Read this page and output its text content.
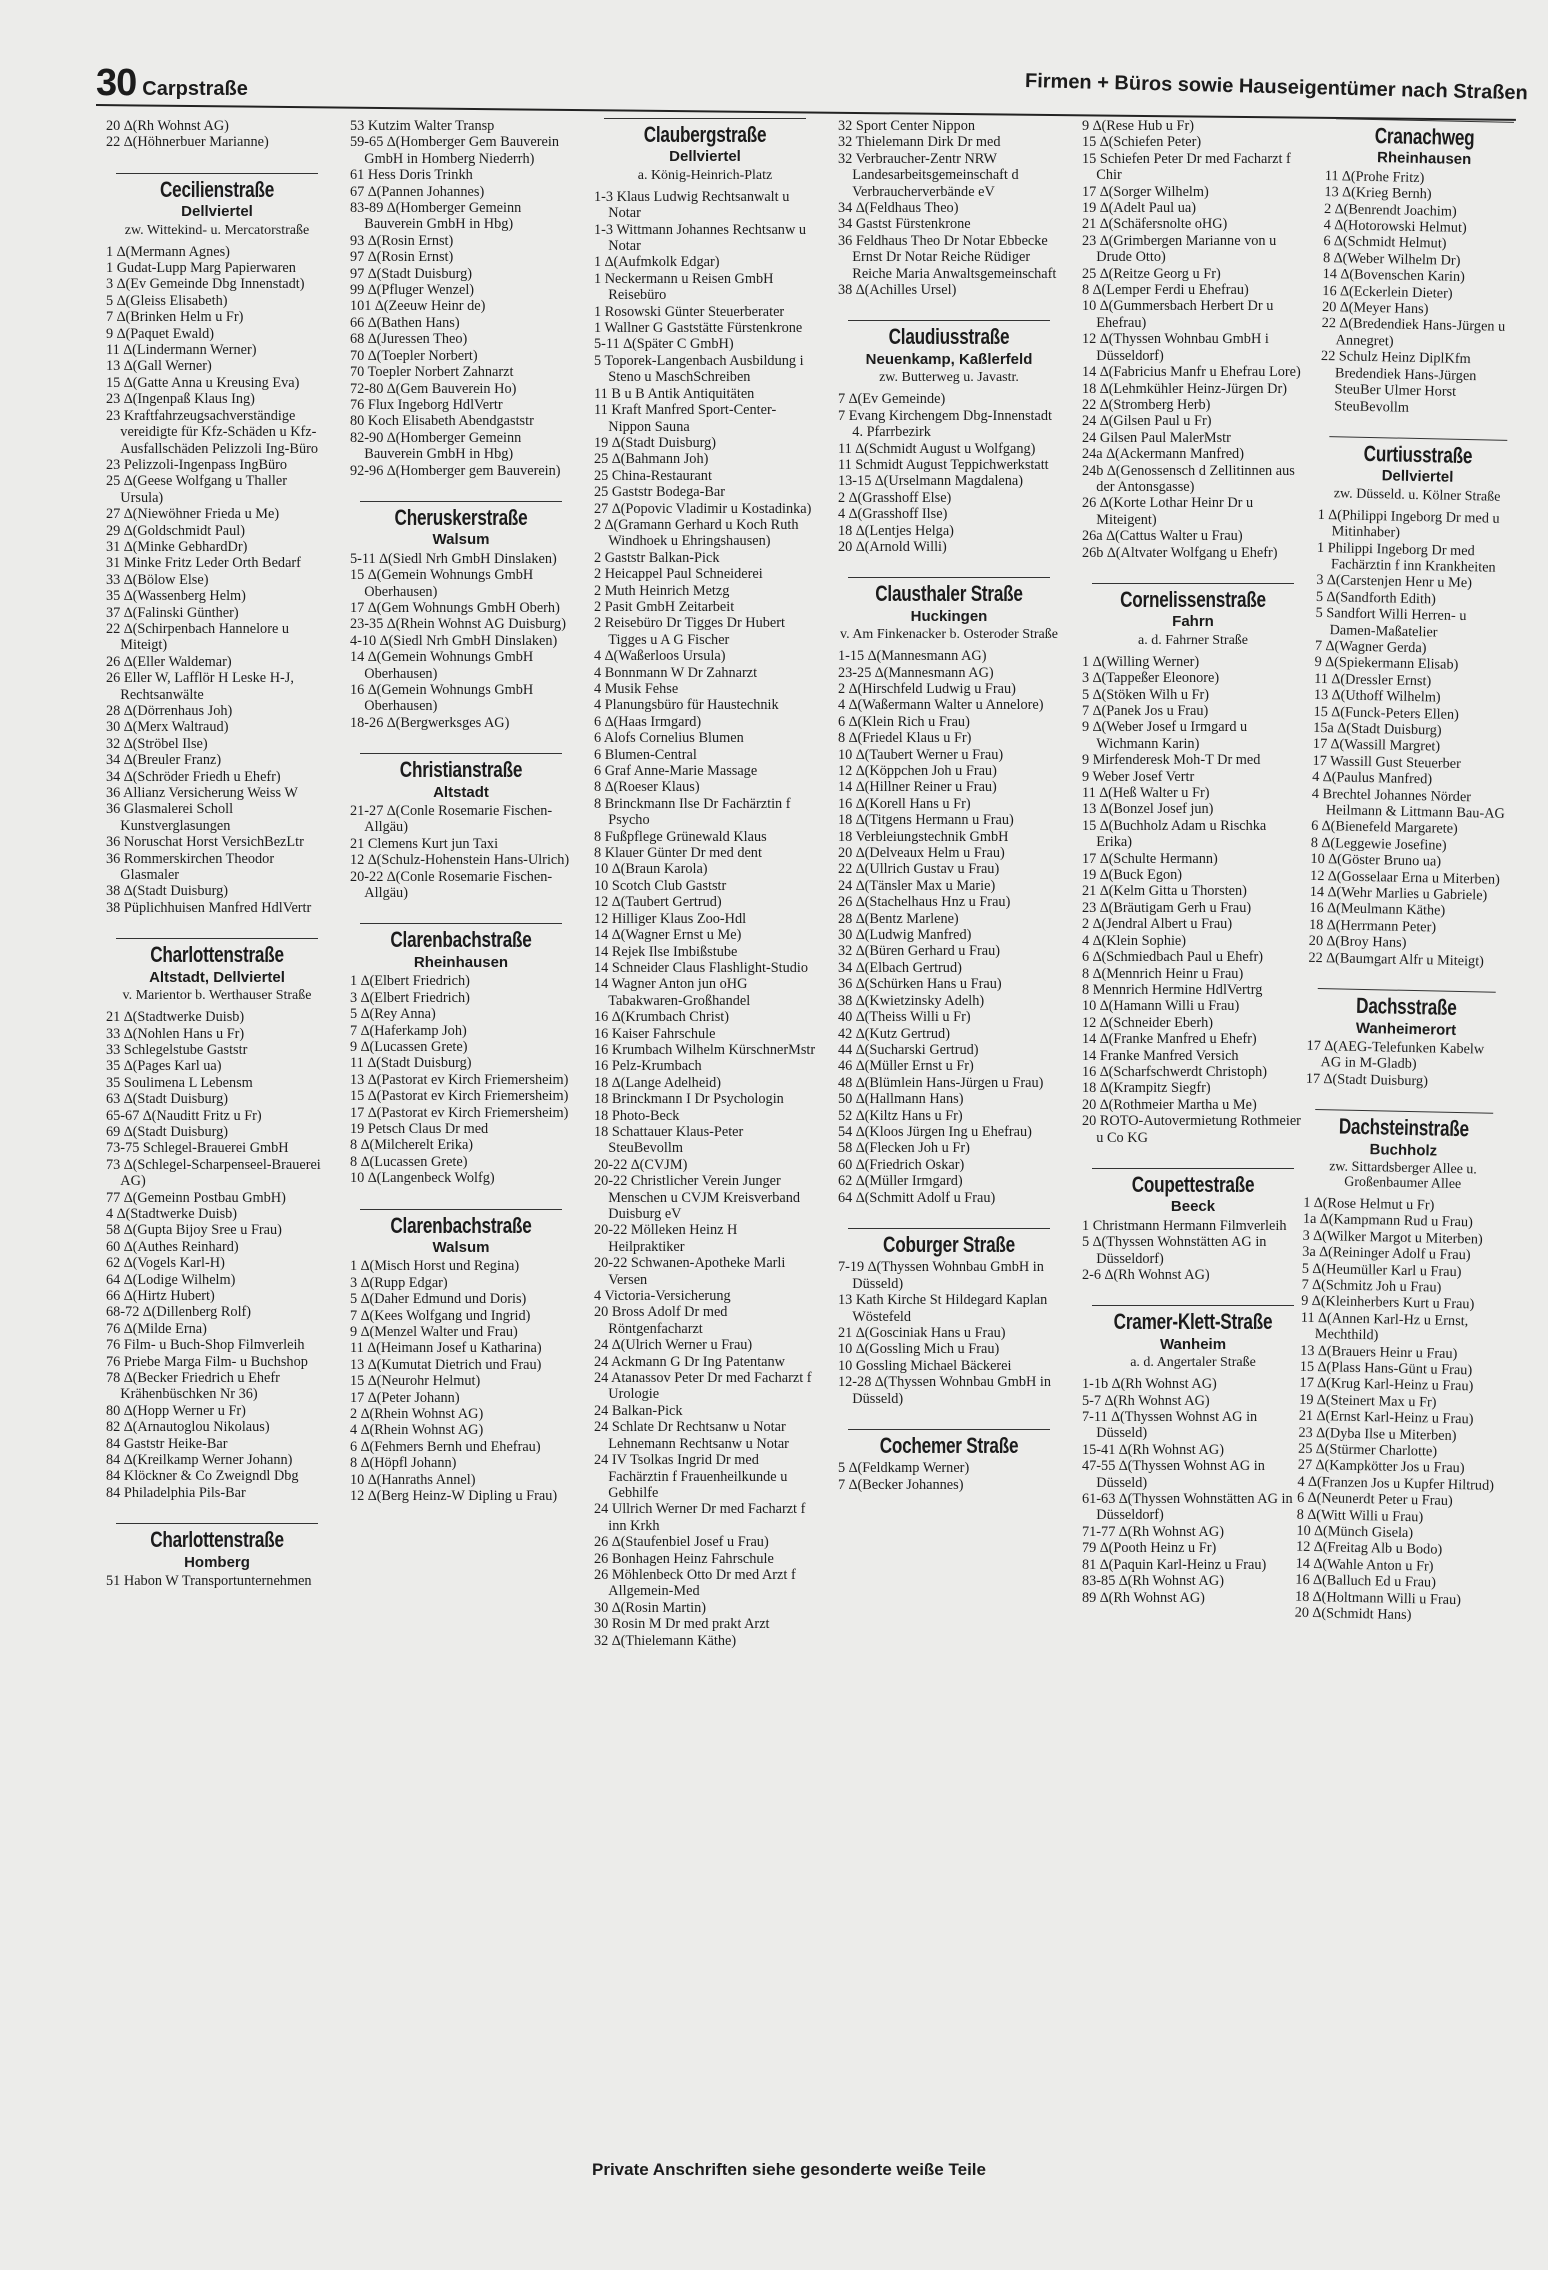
30 Carpstraße	Firmen + Büros sowie Hauseigentümer nach Straßen

20 ∆(Rh Wohnst AG)

22 ∆(Höhnerbuer Marianne)

Cecilienstraße
Dellviertel
zw. Wittekind- u. Mercatorstraße

1 ∆(Mermann Agnes)

1 Gudat-Lupp Marg Papierwaren

3 ∆(Ev Gemeinde Dbg Innenstadt)

5 ∆(Gleiss Elisabeth)

7 ∆(Brinken Helm u Fr)

9 ∆(Paquet Ewald)

11 ∆(Lindermann Werner)

13 ∆(Gall Werner)

15 ∆(Gatte Anna u Kreusing Eva)

23 ∆(Ingenpaß Klaus Ing)

23 Kraftfahrzeugsachverständige vereidigte für Kfz-Schäden u Kfz-Ausfallschäden Pelizzoli Ing-Büro

23 Pelizzoli-Ingenpass IngBüro

25 ∆(Geese Wolfgang u Thaller Ursula)

27 ∆(Niewöhner Frieda u Me)

29 ∆(Goldschmidt Paul)

31 ∆(Minke GebhardDr)

31 Minke Fritz Leder Orth Bedarf

33 ∆(Bölow Else)

35 ∆(Wassenberg Helm)

37 ∆(Falinski Günther)

22 ∆(Schirpenbach Hannelore u Miteigt)

26 ∆(Eller Waldemar)

26 Eller W, Lafflör H Leske H-J, Rechtsanwälte

28 ∆(Dörrenhaus Joh)

30 ∆(Merx Waltraud)

32 ∆(Ströbel Ilse)

34 ∆(Breuler Franz)

34 ∆(Schröder Friedh u Ehefr)

36 Allianz Versicherung Weiss W

36 Glasmalerei Scholl Kunstverglasungen

36 Noruschat Horst VersichBezLtr

36 Rommerskirchen Theodor Glasmaler

38 ∆(Stadt Duisburg)

38 Püplichhuisen Manfred HdlVertr

Charlottenstraße
Altstadt, Dellviertel
v. Marientor b. Werthauser Straße

21 ∆(Stadtwerke Duisb)

33 ∆(Nohlen Hans u Fr)

33 Schlegelstube Gaststr

35 ∆(Pages Karl ua)

35 Soulimena L Lebensm

63 ∆(Stadt Duisburg)

65-67 ∆(Nauditt Fritz u Fr)

69 ∆(Stadt Duisburg)

73-75 Schlegel-Brauerei GmbH

73 ∆(Schlegel-Scharpenseel-Brauerei AG)

77 ∆(Gemeinn Postbau GmbH)

4 ∆(Stadtwerke Duisb)

58 ∆(Gupta Bijoy Sree u Frau)

60 ∆(Authes Reinhard)

62 ∆(Vogels Karl-H)

64 ∆(Lodige Wilhelm)

66 ∆(Hirtz Hubert)

68-72 ∆(Dillenberg Rolf)

76 ∆(Milde Erna)

76 Film- u Buch-Shop Filmverleih

76 Priebe Marga Film- u Buchshop

78 ∆(Becker Friedrich u Ehefr Krähenbüschken Nr 36)

80 ∆(Hopp Werner u Fr)

82 ∆(Arnautoglou Nikolaus)

84 Gaststr Heike-Bar

84 ∆(Kreilkamp Werner Johann)

84 Klöckner & Co Zweigndl Dbg

84 Philadelphia Pils-Bar

Charlottenstraße
Homberg

51 Habon W Transportunternehmen

53 Kutzim Walter Transp

59-65 ∆(Homberger Gem Bauverein GmbH in Homberg Niederrh)

61 Hess Doris Trinkh

67 ∆(Pannen Johannes)

83-89 ∆(Homberger Gemeinn Bauverein GmbH in Hbg)

93 ∆(Rosin Ernst)

97 ∆(Rosin Ernst)

97 ∆(Stadt Duisburg)

99 ∆(Pfluger Wenzel)

101 ∆(Zeeuw Heinr de)

66 ∆(Bathen Hans)

68 ∆(Juressen Theo)

70 ∆(Toepler Norbert)

70 Toepler Norbert Zahnarzt

72-80 ∆(Gem Bauverein Ho)

76 Flux Ingeborg HdlVertr

80 Koch Elisabeth Abendgaststr

82-90 ∆(Homberger Gemeinn Bauverein GmbH in Hbg)

92-96 ∆(Homberger gem Bauverein)

Cheruskerstraße
Walsum

5-11 ∆(Siedl Nrh GmbH Dinslaken)

15 ∆(Gemein Wohnungs GmbH Oberhausen)

17 ∆(Gem Wohnungs GmbH Oberh)

23-35 ∆(Rhein Wohnst AG Duisburg)

4-10 ∆(Siedl Nrh GmbH Dinslaken)

14 ∆(Gemein Wohnungs GmbH Oberhausen)

16 ∆(Gemein Wohnungs GmbH Oberhausen)

18-26 ∆(Bergwerksges AG)

Christianstraße
Altstadt

21-27 ∆(Conle Rosemarie Fischen-Allgäu)

21 Clemens Kurt jun Taxi

12 ∆(Schulz-Hohenstein Hans-Ulrich)

20-22 ∆(Conle Rosemarie Fischen-Allgäu)

Clarenbachstraße
Rheinhausen

1 ∆(Elbert Friedrich)

3 ∆(Elbert Friedrich)

5 ∆(Rey Anna)

7 ∆(Haferkamp Joh)

9 ∆(Lucassen Grete)

11 ∆(Stadt Duisburg)

13 ∆(Pastorat ev Kirch Friemersheim)

15 ∆(Pastorat ev Kirch Friemersheim)

17 ∆(Pastorat ev Kirch Friemersheim)

19 Petsch Claus Dr med

8 ∆(Milcherelt Erika)

8 ∆(Lucassen Grete)

10 ∆(Langenbeck Wolfg)

Clarenbachstraße
Walsum

1 ∆(Misch Horst und Regina)

3 ∆(Rupp Edgar)

5 ∆(Daher Edmund und Doris)

7 ∆(Kees Wolfgang und Ingrid)

9 ∆(Menzel Walter und Frau)

11 ∆(Heimann Josef u Katharina)

13 ∆(Kumutat Dietrich und Frau)

15 ∆(Neurohr Helmut)

17 ∆(Peter Johann)

2 ∆(Rhein Wohnst AG)

4 ∆(Rhein Wohnst AG)

6 ∆(Fehmers Bernh und Ehefrau)

8 ∆(Höpfl Johann)

10 ∆(Hanraths Annel)

12 ∆(Berg Heinz-W Dipling u Frau)

Claubergstraße
Dellviertel
a. König-Heinrich-Platz

1-3 Klaus Ludwig Rechtsanwalt u Notar

1-3 Wittmann Johannes Rechtsanw u Notar

1 ∆(Aufmkolk Edgar)

1 Neckermann u Reisen GmbH Reisebüro

1 Rosowski Günter Steuerberater

1 Wallner G Gaststätte Fürstenkrone

5-11 ∆(Später C GmbH)

5 Toporek-Langenbach Ausbildung i Steno u MaschSchreiben

11 B u B Antik Antiquitäten

11 Kraft Manfred Sport-Center-Nippon Sauna

19 ∆(Stadt Duisburg)

25 ∆(Bahmann Joh)

25 China-Restaurant

25 Gaststr Bodega-Bar

27 ∆(Popovic Vladimir u Kostadinka)

2 ∆(Gramann Gerhard u Koch Ruth Windhoek u Ehringshausen)

2 Gaststr Balkan-Pick

2 Heicappel Paul Schneiderei

2 Muth Heinrich Metzg

2 Pasit GmbH Zeitarbeit

2 Reisebüro Dr Tigges Dr Hubert Tigges u A G Fischer

4 ∆(Waßerloos Ursula)

4 Bonnmann W Dr Zahnarzt

4 Musik Fehse

4 Planungsbüro für Haustechnik

6 ∆(Haas Irmgard)

6 Alofs Cornelius Blumen

6 Blumen-Central

6 Graf Anne-Marie Massage

8 ∆(Roeser Klaus)

8 Brinckmann Ilse Dr Fachärztin f Psycho

8 Fußpflege Grünewald Klaus

8 Klauer Günter Dr med dent

10 ∆(Braun Karola)

10 Scotch Club Gaststr

12 ∆(Taubert Gertrud)

12 Hilliger Klaus Zoo-Hdl

14 ∆(Wagner Ernst u Me)

14 Rejek Ilse Imbißstube

14 Schneider Claus Flashlight-Studio

14 Wagner Anton jun oHG Tabakwaren-Großhandel

16 ∆(Krumbach Christ)

16 Kaiser Fahrschule

16 Krumbach Wilhelm KürschnerMstr

16 Pelz-Krumbach

18 ∆(Lange Adelheid)

18 Brinckmann I Dr Psychologin

18 Photo-Beck

18 Schattauer Klaus-Peter SteuBevollm

20-22 ∆(CVJM)

20-22 Christlicher Verein Junger Menschen u CVJM Kreisverband Duisburg eV

20-22 Mölleken Heinz H Heilpraktiker

20-22 Schwanen-Apotheke Marli Versen

4 Victoria-Versicherung

20 Bross Adolf Dr med Röntgenfacharzt

24 ∆(Ulrich Werner u Frau)

24 Ackmann G Dr Ing Patentanw

24 Atanassov Peter Dr med Facharzt f Urologie

24 Balkan-Pick

24 Schlate Dr Rechtsanw u Notar Lehnemann Rechtsanw u Notar

24 IV Tsolkas Ingrid Dr med Fachärztin f Frauenheilkunde u Gebhilfe

24 Ullrich Werner Dr med Facharzt f inn Krkh

26 ∆(Staufenbiel Josef u Frau)

26 Bonhagen Heinz Fahrschule

26 Möhlenbeck Otto Dr med Arzt f Allgemein-Med

30 ∆(Rosin Martin)

30 Rosin M Dr med prakt Arzt

32 ∆(Thielemann Käthe)

32 Sport Center Nippon

32 Thielemann Dirk Dr med

32 Verbraucher-Zentr NRW Landesarbeitsgemeinschaft d Verbraucherverbände eV

34 ∆(Feldhaus Theo)

34 Gastst Fürstenkrone

36 Feldhaus Theo Dr Notar Ebbecke Ernst Dr Notar Reiche Rüdiger Reiche Maria Anwaltsgemeinschaft

38 ∆(Achilles Ursel)

Claudiusstraße
Neuenkamp, Kaßlerfeld
zw. Butterweg u. Javastr.

7 ∆(Ev Gemeinde)

7 Evang Kirchengem Dbg-Innenstadt 4. Pfarrbezirk

11 ∆(Schmidt August u Wolfgang)

11 Schmidt August Teppichwerkstatt

13-15 ∆(Urselmann Magdalena)

2 ∆(Grasshoff Else)

4 ∆(Grasshoff Ilse)

18 ∆(Lentjes Helga)

20 ∆(Arnold Willi)

Clausthaler Straße
Huckingen
v. Am Finkenacker b. Osteroder Straße

1-15 ∆(Mannesmann AG)

23-25 ∆(Mannesmann AG)

2 ∆(Hirschfeld Ludwig u Frau)

4 ∆(Waßermann Walter u Annelore)

6 ∆(Klein Rich u Frau)

8 ∆(Friedel Klaus u Fr)

10 ∆(Taubert Werner u Frau)

12 ∆(Köppchen Joh u Frau)

14 ∆(Hillner Reiner u Frau)

16 ∆(Korell Hans u Fr)

18 ∆(Titgens Hermann u Frau)

18 Verbleiungstechnik GmbH

20 ∆(Delveaux Helm u Frau)

22 ∆(Ullrich Gustav u Frau)

24 ∆(Tänsler Max u Marie)

26 ∆(Stachelhaus Hnz u Frau)

28 ∆(Bentz Marlene)

30 ∆(Ludwig Manfred)

32 ∆(Büren Gerhard u Frau)

34 ∆(Elbach Gertrud)

36 ∆(Schürken Hans u Frau)

38 ∆(Kwietzinsky Adelh)

40 ∆(Theiss Willi u Fr)

42 ∆(Kutz Gertrud)

44 ∆(Sucharski Gertrud)

46 ∆(Müller Ernst u Fr)

48 ∆(Blümlein Hans-Jürgen u Frau)

50 ∆(Hallmann Hans)

52 ∆(Kiltz Hans u Fr)

54 ∆(Kloos Jürgen Ing u Ehefrau)

58 ∆(Flecken Joh u Fr)

60 ∆(Friedrich Oskar)

62 ∆(Müller Irmgard)

64 ∆(Schmitt Adolf u Frau)

Coburger Straße

7-19 ∆(Thyssen Wohnbau GmbH in Düsseld)

13 Kath Kirche St Hildegard Kaplan Wöstefeld

21 ∆(Gosciniak Hans u Frau)

10 ∆(Gossling Mich u Frau)

10 Gossling Michael Bäckerei

12-28 ∆(Thyssen Wohnbau GmbH in Düsseld)

Cochemer Straße

5 ∆(Feldkamp Werner)

7 ∆(Becker Johannes)

9 ∆(Rese Hub u Fr)

15 ∆(Schiefen Peter)

15 Schiefen Peter Dr med Facharzt f Chir

17 ∆(Sorger Wilhelm)

19 ∆(Adelt Paul ua)

21 ∆(Schäfersnolte oHG)

23 ∆(Grimbergen Marianne von u Drude Otto)

25 ∆(Reitze Georg u Fr)

8 ∆(Lemper Ferdi u Ehefrau)

10 ∆(Gummersbach Herbert Dr u Ehefrau)

12 ∆(Thyssen Wohnbau GmbH i Düsseldorf)

14 ∆(Fabricius Manfr u Ehefrau Lore)

18 ∆(Lehmkühler Heinz-Jürgen Dr)

22 ∆(Stromberg Herb)

24 ∆(Gilsen Paul u Fr)

24 Gilsen Paul MalerMstr

24a ∆(Ackermann Manfred)

24b ∆(Genossensch d Zellitinnen aus der Antonsgasse)

26 ∆(Korte Lothar Heinr Dr u Miteigent)

26a ∆(Cattus Walter u Frau)

26b ∆(Altvater Wolfgang u Ehefr)

Cornelissenstraße
Fahrn
a. d. Fahrner Straße

1 ∆(Willing Werner)

3 ∆(Tappeßer Eleonore)

5 ∆(Stöken Wilh u Fr)

7 ∆(Panek Jos u Frau)

9 ∆(Weber Josef u Irmgard u Wichmann Karin)

9 Mirfenderesk Moh-T Dr med

9 Weber Josef Vertr

11 ∆(Heß Walter u Fr)

13 ∆(Bonzel Josef jun)

15 ∆(Buchholz Adam u Rischka Erika)

17 ∆(Schulte Hermann)

19 ∆(Buck Egon)

21 ∆(Kelm Gitta u Thorsten)

23 ∆(Bräutigam Gerh u Frau)

2 ∆(Jendral Albert u Frau)

4 ∆(Klein Sophie)

6 ∆(Schmiedbach Paul u Ehefr)

8 ∆(Mennrich Heinr u Frau)

8 Mennrich Hermine HdlVertrg

10 ∆(Hamann Willi u Frau)

12 ∆(Schneider Eberh)

14 ∆(Franke Manfred u Ehefr)

14 Franke Manfred Versich

16 ∆(Scharfschwerdt Christoph)

18 ∆(Krampitz Siegfr)

20 ∆(Rothmeier Martha u Me)

20 ROTO-Autovermietung Rothmeier u Co KG

Coupettestraße
Beeck

1 Christmann Hermann Filmverleih

5 ∆(Thyssen Wohnstätten AG in Düsseldorf)

2-6 ∆(Rh Wohnst AG)

Cramer-Klett-Straße
Wanheim
a. d. Angertaler Straße

1-1b ∆(Rh Wohnst AG)

5-7 ∆(Rh Wohnst AG)

7-11 ∆(Thyssen Wohnst AG in Düsseld)

15-41 ∆(Rh Wohnst AG)

47-55 ∆(Thyssen Wohnst AG in Düsseld)

61-63 ∆(Thyssen Wohnstätten AG in Düsseldorf)

71-77 ∆(Rh Wohnst AG)

79 ∆(Pooth Heinz u Fr)

81 ∆(Paquin Karl-Heinz u Frau)

83-85 ∆(Rh Wohnst AG)

89 ∆(Rh Wohnst AG)

Cranachweg
Rheinhausen

11 ∆(Prohe Fritz)

13 ∆(Krieg Bernh)

2 ∆(Benrendt Joachim)

4 ∆(Hotorowski Helmut)

6 ∆(Schmidt Helmut)

8 ∆(Weber Wilhelm Dr)

14 ∆(Bovenschen Karin)

16 ∆(Eckerlein Dieter)

20 ∆(Meyer Hans)

22 ∆(Bredendiek Hans-Jürgen u Annegret)

22 Schulz Heinz DiplKfm Bredendiek Hans-Jürgen SteuBer Ulmer Horst SteuBevollm

Curtiusstraße
Dellviertel
zw. Düsseld. u. Kölner Straße

1 ∆(Philippi Ingeborg Dr med u Mitinhaber)

1 Philippi Ingeborg Dr med Fachärztin f inn Krankheiten

3 ∆(Carstenjen Henr u Me)

5 ∆(Sandforth Edith)

5 Sandfort Willi Herren- u Damen-Maßatelier

7 ∆(Wagner Gerda)

9 ∆(Spiekermann Elisab)

11 ∆(Dressler Ernst)

13 ∆(Uthoff Wilhelm)

15 ∆(Funck-Peters Ellen)

15a ∆(Stadt Duisburg)

17 ∆(Wassill Margret)

17 Wassill Gust Steuerber

4 ∆(Paulus Manfred)

4 Brechtel Johannes Nörder Heilmann & Littmann Bau-AG

6 ∆(Bienefeld Margarete)

8 ∆(Leggewie Josefine)

10 ∆(Göster Bruno ua)

12 ∆(Gosselaar Erna u Miterben)

14 ∆(Wehr Marlies u Gabriele)

16 ∆(Meulmann Käthe)

18 ∆(Herrmann Peter)

20 ∆(Broy Hans)

22 ∆(Baumgart Alfr u Miteigt)

Dachsstraße
Wanheimerort

17 ∆(AEG-Telefunken Kabelw AG in M-Gladb)

17 ∆(Stadt Duisburg)

Dachsteinstraße
Buchholz
zw. Sittardsberger Allee u. Großenbaumer Allee

1 ∆(Rose Helmut u Fr)

1a ∆(Kampmann Rud u Frau)

3 ∆(Wilker Margot u Miterben)

3a ∆(Reininger Adolf u Frau)

5 ∆(Heumüller Karl u Frau)

7 ∆(Schmitz Joh u Frau)

9 ∆(Kleinherbers Kurt u Frau)

11 ∆(Annen Karl-Hz u Ernst, Mechthild)

13 ∆(Brauers Heinr u Frau)

15 ∆(Plass Hans-Günt u Frau)

17 ∆(Krug Karl-Heinz u Frau)

19 ∆(Steinert Max u Fr)

21 ∆(Ernst Karl-Heinz u Frau)

23 ∆(Dyba Ilse u Miterben)

25 ∆(Stürmer Charlotte)

27 ∆(Kampkötter Jos u Frau)

4 ∆(Franzen Jos u Kupfer Hiltrud)

6 ∆(Neunerdt Peter u Frau)

8 ∆(Witt Willi u Frau)

10 ∆(Münch Gisela)

12 ∆(Freitag Alb u Bodo)

14 ∆(Wahle Anton u Fr)

16 ∆(Balluch Ed u Frau)

18 ∆(Holtmann Willi u Frau)

20 ∆(Schmidt Hans)

Private Anschriften siehe gesonderte weiße Teile
